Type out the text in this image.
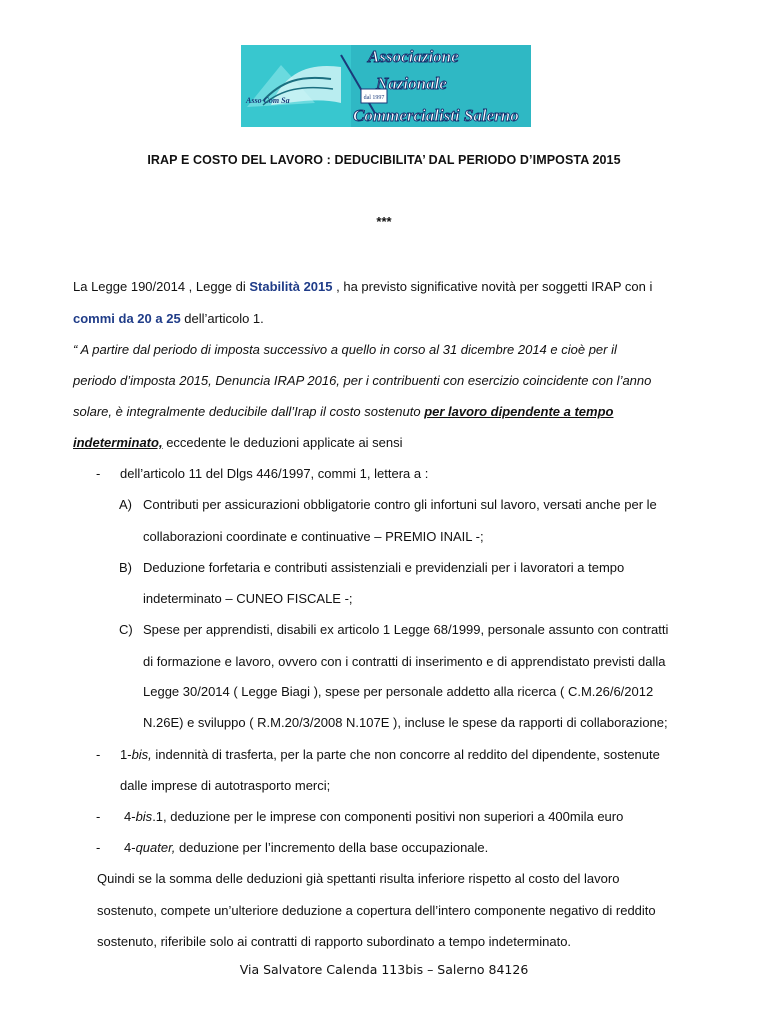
dal 1997
Asso Com Sa
Associazione
Nazionale
Commercialisti Salerno
IRAP E COSTO DEL LAVORO : DEDUCIBILITA’ DAL PERIODO D’IMPOSTA 2015
***
La Legge 190/2014 , Legge di Stabilità 2015 , ha previsto significative novità per soggetti IRAP con i
commi da 20 a 25 dell’articolo 1.
“ A partire dal periodo di imposta successivo a quello in corso al 31 dicembre 2014 e cioè per il
periodo d’imposta 2015, Denuncia IRAP 2016, per i contribuenti con esercizio coincidente con l’anno
solare, è integralmente deducibile dall’Irap il costo sostenuto per lavoro dipendente a tempo
indeterminato, eccedente le deduzioni applicate ai sensi
- dell’articolo 11 del Dlgs 446/1997, commi 1, lettera a :
A) Contributi per assicurazioni obbligatorie contro gli infortuni sul lavoro, versati anche per le
collaborazioni coordinate e continuative – PREMIO INAIL -;
B) Deduzione forfetaria e contributi assistenziali e previdenziali per i lavoratori a tempo
indeterminato – CUNEO FISCALE -;
C) Spese per apprendisti, disabili ex articolo 1 Legge 68/1999, personale assunto con contratti
di formazione e lavoro, ovvero con i contratti di inserimento e di apprendistato previsti dalla
Legge 30/2014 ( Legge Biagi ), spese per personale addetto alla ricerca ( C.M.26/6/2012
N.26E) e sviluppo ( R.M.20/3/2008 N.107E ), incluse le spese da rapporti di collaborazione;
- 1-bis, indennità di trasferta, per la parte che non concorre al reddito del dipendente, sostenute
dalle imprese di autotrasporto merci;
- 4-bis.1, deduzione per le imprese con componenti positivi non superiori a 400mila euro
- 4-quater, deduzione per l’incremento della base occupazionale.
Quindi se la somma delle deduzioni già spettanti risulta inferiore rispetto al costo del lavoro
sostenuto, compete un’ulteriore deduzione a copertura dell’intero componente negativo di reddito
sostenuto, riferibile solo ai contratti di rapporto subordinato a tempo indeterminato.
Via Salvatore Calenda 113bis – Salerno 84126
